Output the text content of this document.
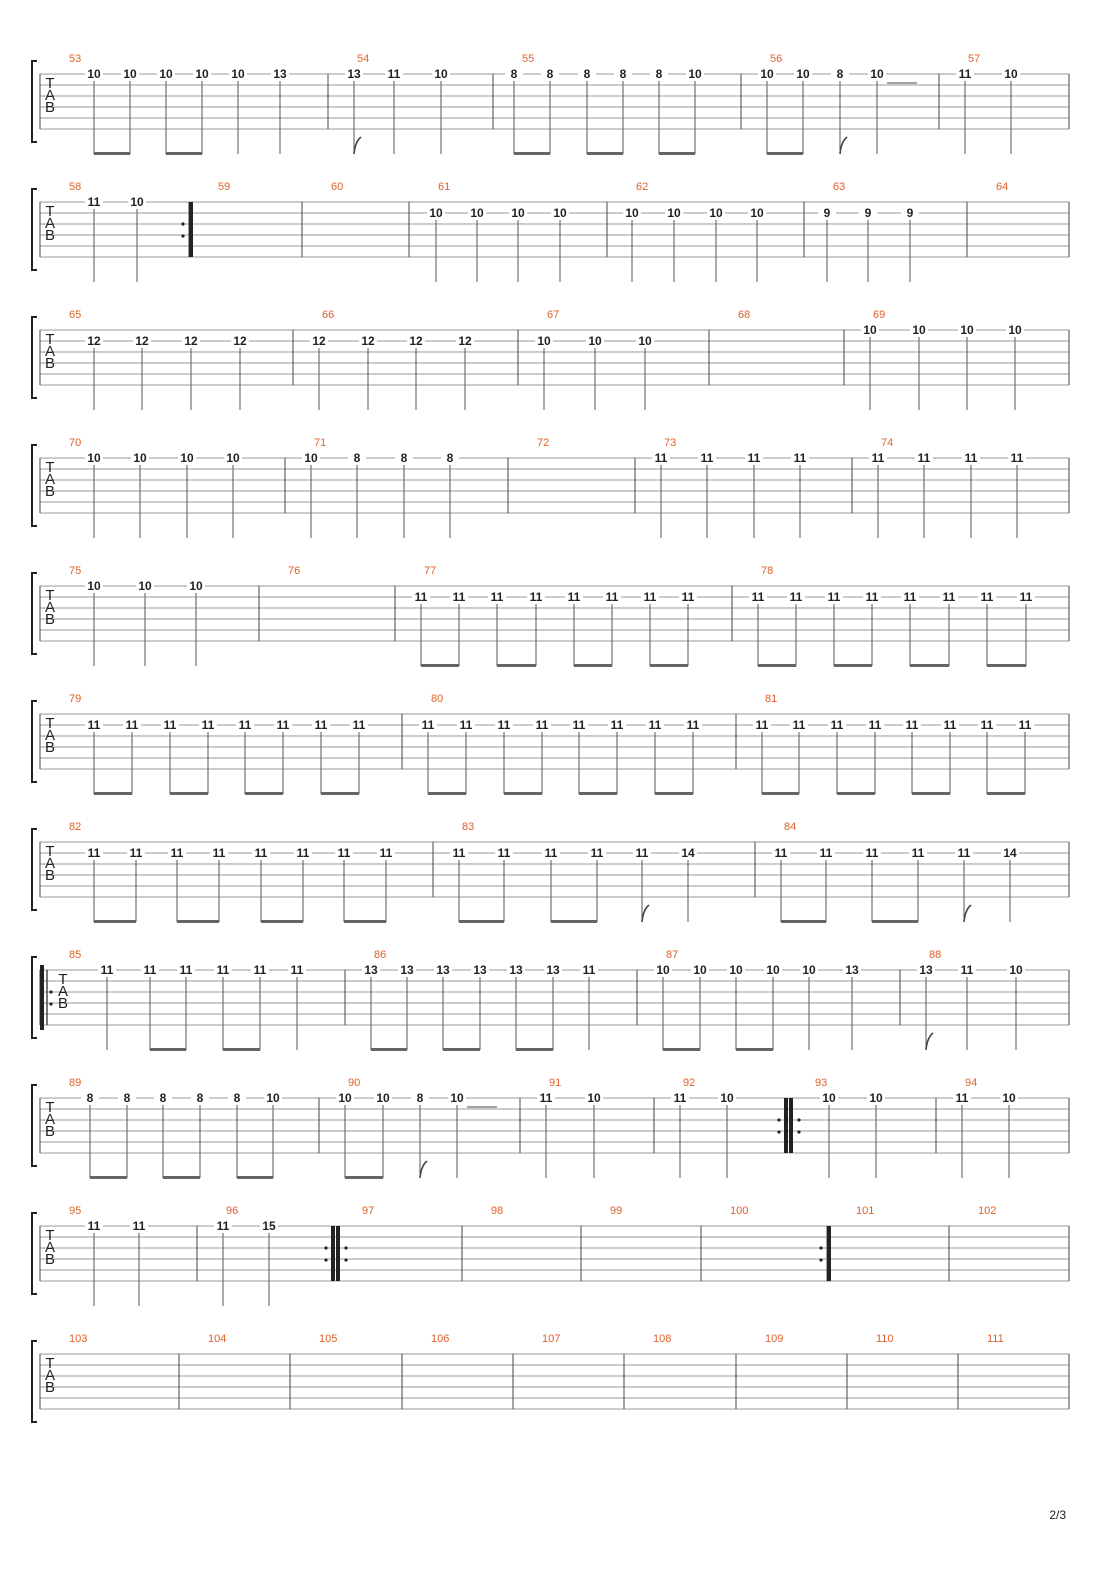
T
A
B
53
10 10 10 10 10 13
54
13 11	10
55
8 8	8 8 8 10
56
10 10 8 10
57
11	10
T
A
B
58
11 10
59	60	61
10 10 10 10
62
10 10 10 10
63
9	9	9
64
T
A
B
65
12	12	12	12
66
12	12	12	12
67
10	10	10
68	69
10	10	10	10
T
A
B
70
10	10	10	10
71
10	8	8	8
72	73
11	11	11	11
74
11	11	11	11
T
A
B
75
10	10	10
76	77
11 11 11 11 11 11 11 11
78
11 11 11 11 11 11 11 11
T
A
B
79
11 11 11 11 11 11 11 11
80
11 11 11 11 11 11 11 11
81
11 11 11 11 11 11 11 11
T
A
B
82
11 11 11 11 11 11 11 11
83
11	11	11	11	11	14
84
11	11	11	11	11	14
T
A
B
85
11	11 11 11 11 11
86
13 13 13 13 13 13 11
87
10 10 10 10 10 13
88
13 11	10
T
A
B
89
8	8 8	8	8 10
90
10 10 8 10
91
11	10
92
11	10
93
10	10
94
11	10
T
A
B
95
11	11
96
11	15
97	98	99	100	101	102
T
A
B
103	104	105	106	107	108	109	110	111
2/3
